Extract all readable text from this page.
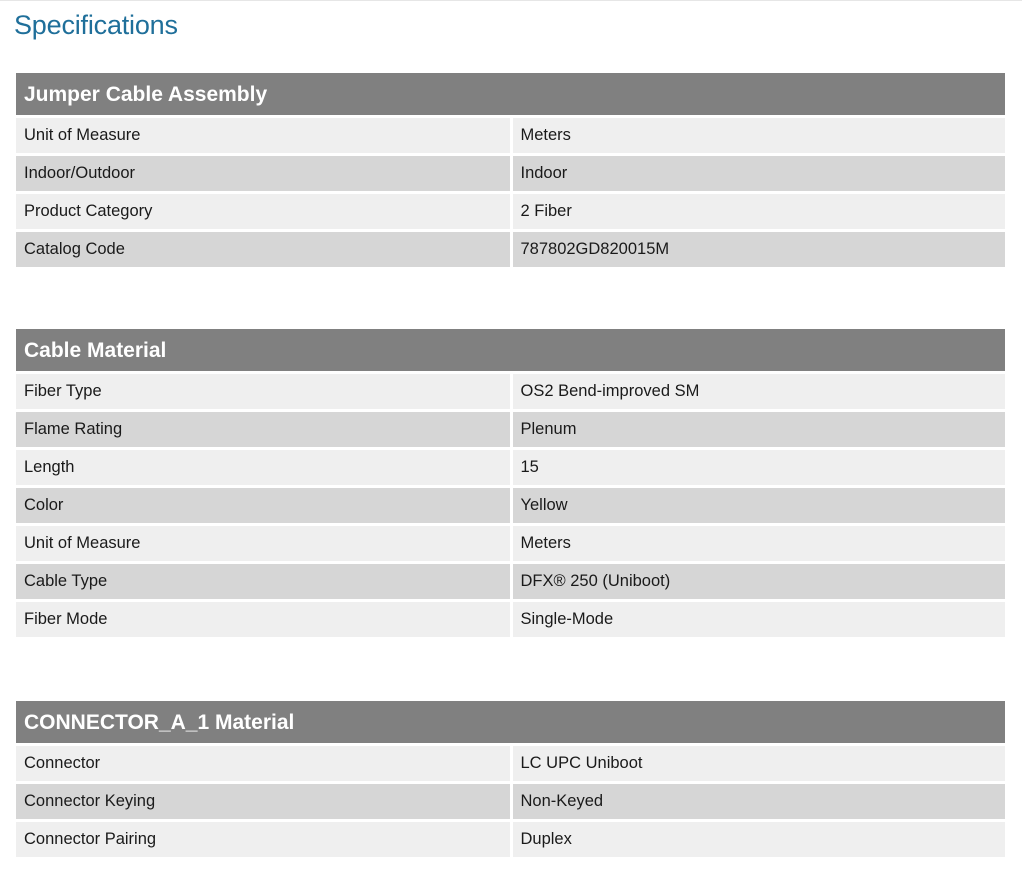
Specifications
Jumper Cable Assembly
Unit of Measure	Meters
Indoor/Outdoor	Indoor
Product Category	2 Fiber
Catalog Code	787802GD820015M
Cable Material
Fiber Type	OS2 Bend-improved SM
Flame Rating	Plenum
Length	15
Color	Yellow
Unit of Measure	Meters
Cable Type	DFX® 250 (Uniboot)
Fiber Mode	Single-Mode
CONNECTOR_A_1 Material
Connector	LC UPC Uniboot
Connector Keying	Non-Keyed
Connector Pairing	Duplex
